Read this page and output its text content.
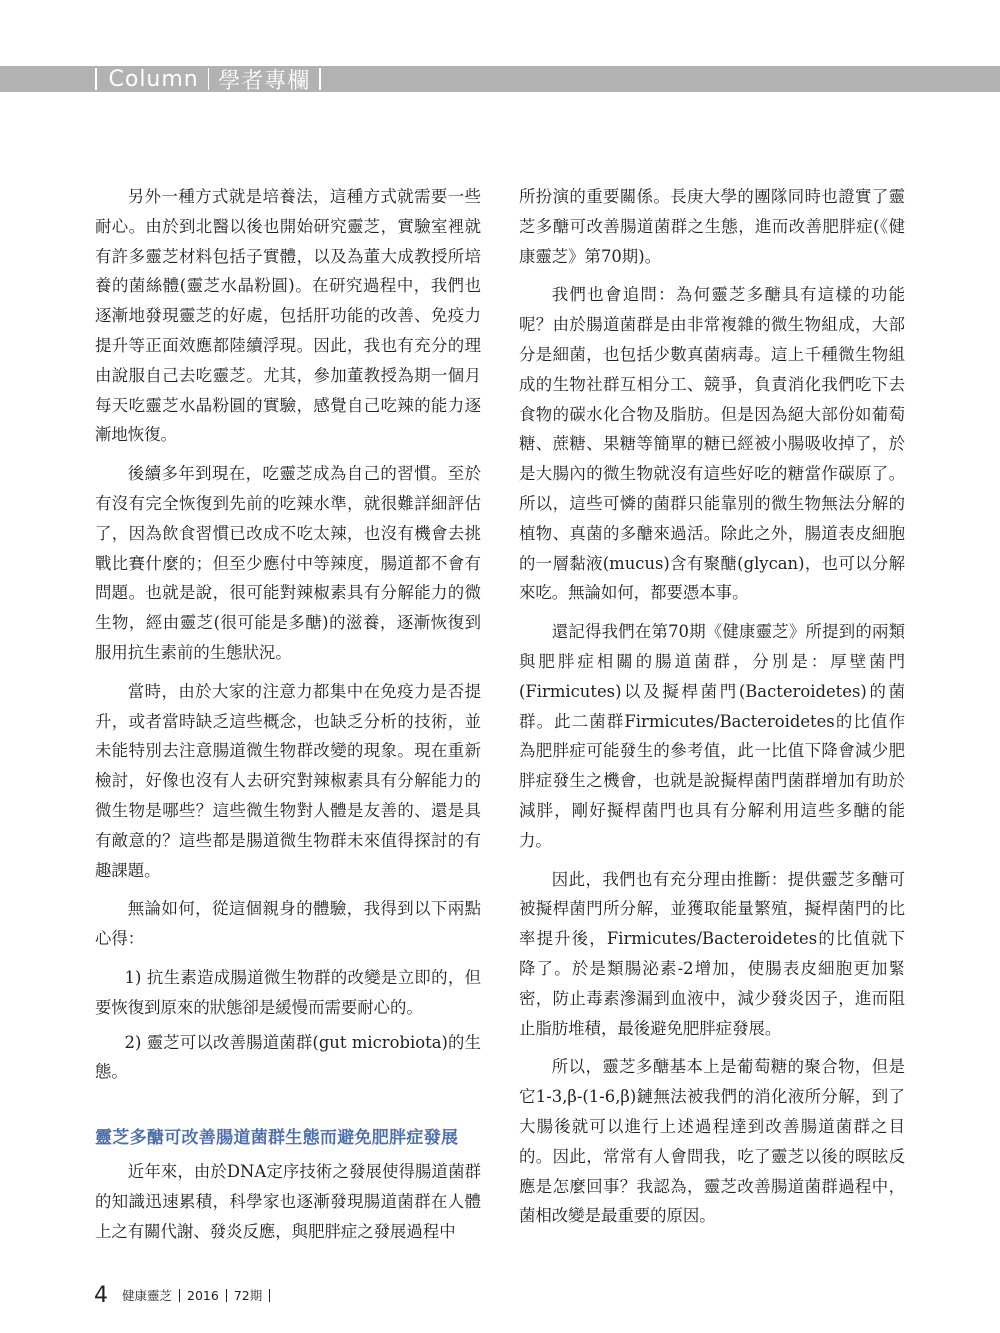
Column 學者專欄

另外一種方式就是培養法，這種方式就需要一些耐心。由於到北醫以後也開始研究靈芝，實驗室裡就有許多靈芝材料包括子實體，以及為董大成教授所培養的菌絲體(靈芝水晶粉圓)。在研究過程中，我們也逐漸地發現靈芝的好處，包括肝功能的改善、免疫力提升等正面效應都陸續浮現。因此，我也有充分的理由說服自己去吃靈芝。尤其，參加董教授為期一個月每天吃靈芝水晶粉圓的實驗，感覺自己吃辣的能力逐漸地恢復。

後續多年到現在，吃靈芝成為自己的習慣。至於有沒有完全恢復到先前的吃辣水準，就很難詳細評估了，因為飲食習慣已改成不吃太辣，也沒有機會去挑戰比賽什麼的；但至少應付中等辣度，腸道都不會有問題。也就是說，很可能對辣椒素具有分解能力的微生物，經由靈芝(很可能是多醣)的滋養，逐漸恢復到服用抗生素前的生態狀況。

當時，由於大家的注意力都集中在免疫力是否提升，或者當時缺乏這些概念，也缺乏分析的技術，並未能特別去注意腸道微生物群改變的現象。現在重新檢討，好像也沒有人去研究對辣椒素具有分解能力的微生物是哪些？這些微生物對人體是友善的、還是具有敵意的？這些都是腸道微生物群未來值得探討的有趣課題。

無論如何，從這個親身的體驗，我得到以下兩點心得：

1) 抗生素造成腸道微生物群的改變是立即的，但要恢復到原來的狀態卻是緩慢而需要耐心的。

2) 靈芝可以改善腸道菌群(gut microbiota)的生態。

靈芝多醣可改善腸道菌群生態而避免肥胖症發展

近年來，由於DNA定序技術之發展使得腸道菌群的知識迅速累積，科學家也逐漸發現腸道菌群在人體上之有關代謝、發炎反應，與肥胖症之發展過程中

所扮演的重要關係。長庚大學的團隊同時也證實了靈芝多醣可改善腸道菌群之生態，進而改善肥胖症(《健康靈芝》第70期)。

我們也會追問：為何靈芝多醣具有這樣的功能呢？由於腸道菌群是由非常複雜的微生物組成，大部分是細菌，也包括少數真菌病毒。這上千種微生物組成的生物社群互相分工、競爭，負責消化我們吃下去食物的碳水化合物及脂肪。但是因為絕大部份如葡萄糖、蔗糖、果糖等簡單的糖已經被小腸吸收掉了，於是大腸內的微生物就沒有這些好吃的糖當作碳原了。所以，這些可憐的菌群只能靠別的微生物無法分解的植物、真菌的多醣來過活。除此之外，腸道表皮細胞的一層黏液(mucus)含有聚醣(glycan)，也可以分解來吃。無論如何，都要憑本事。

還記得我們在第70期《健康靈芝》所提到的兩類與肥胖症相關的腸道菌群，分別是：厚壁菌門(Firmicutes)以及擬桿菌門(Bacteroidetes)的菌群。此二菌群Firmicutes/Bacteroidetes的比值作為肥胖症可能發生的參考值，此一比值下降會減少肥胖症發生之機會，也就是說擬桿菌門菌群增加有助於減胖，剛好擬桿菌門也具有分解利用這些多醣的能力。

因此，我們也有充分理由推斷：提供靈芝多醣可被擬桿菌門所分解，並獲取能量繁殖，擬桿菌門的比率提升後，Firmicutes/Bacteroidetes的比值就下降了。於是類腸泌素-2增加，使腸表皮細胞更加緊密，防止毒素滲漏到血液中，減少發炎因子，進而阻止脂肪堆積，最後避免肥胖症發展。

所以，靈芝多醣基本上是葡萄糖的聚合物，但是它1-3,β-(1-6,β)鏈無法被我們的消化液所分解，到了大腸後就可以進行上述過程達到改善腸道菌群之目的。因此，常常有人會問我，吃了靈芝以後的暝眩反應是怎麼回事？我認為，靈芝改善腸道菌群過程中，菌相改變是最重要的原因。

4 健康靈芝 2016 72期
